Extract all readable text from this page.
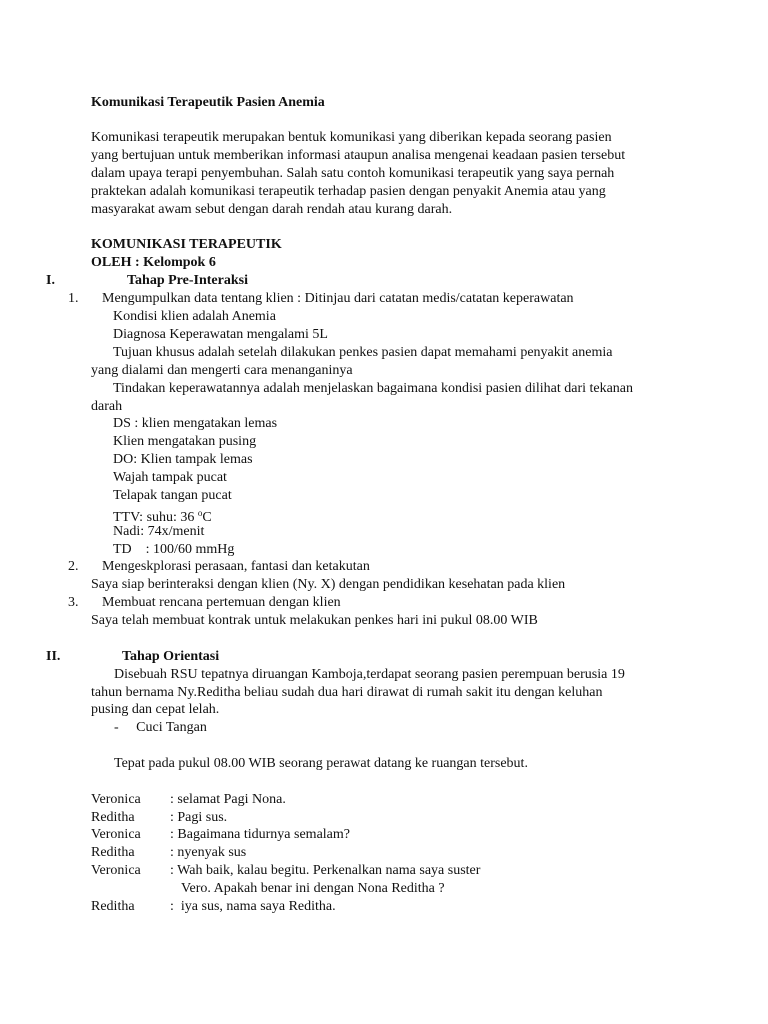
Komunikasi Terapeutik Pasien Anemia
Komunikasi terapeutik merupakan bentuk komunikasi yang diberikan kepada seorang pasien
yang bertujuan untuk memberikan informasi ataupun analisa mengenai keadaan pasien tersebut
dalam upaya terapi penyembuhan. Salah satu contoh komunikasi terapeutik yang saya pernah
praktekan adalah komunikasi terapeutik terhadap pasien dengan penyakit Anemia atau yang
masyarakat awam sebut dengan darah rendah atau kurang darah.
KOMUNIKASI TERAPEUTIK
OLEH : Kelompok 6
I.	Tahap Pre-Interaksi
1. Mengumpulkan data tentang klien : Ditinjau dari catatan medis/catatan keperawatan
Kondisi klien adalah Anemia
Diagnosa Keperawatan mengalami 5L
Tujuan khusus adalah setelah dilakukan penkes pasien dapat memahami penyakit anemia
yang dialami dan mengerti cara menanganinya
Tindakan keperawatannya adalah menjelaskan bagaimana kondisi pasien dilihat dari tekanan
darah
DS : klien mengatakan lemas
Klien mengatakan pusing
DO: Klien tampak lemas
Wajah tampak pucat
Telapak tangan pucat
TTV: suhu: 36 $^o$C
Nadi: 74x/menit
TD    : 100/60 mmHg
2. Mengeskplorasi perasaan, fantasi dan ketakutan
Saya siap berinteraksi dengan klien (Ny. X) dengan pendidikan kesehatan pada klien
3. Membuat rencana pertemuan dengan klien
Saya telah membuat kontrak untuk melakukan penkes hari ini pukul 08.00 WIB
II.	Tahap Orientasi
Disebuah RSU tepatnya diruangan Kamboja,terdapat seorang pasien perempuan berusia 19
tahun bernama Ny.Reditha beliau sudah dua hari dirawat di rumah sakit itu dengan keluhan
pusing dan cepat lelah.
-     Cuci Tangan
Tepat pada pukul 08.00 WIB seorang perawat datang ke ruangan tersebut.
Veronica : selamat Pagi Nona.
Reditha	: Pagi sus.
Veronica : Bagaimana tidurnya semalam?
Reditha	: nyenyak sus
Veronica : Wah baik, kalau begitu. Perkenalkan nama saya suster
Vero. Apakah benar ini dengan Nona Reditha ?
Reditha	:  iya sus, nama saya Reditha.
